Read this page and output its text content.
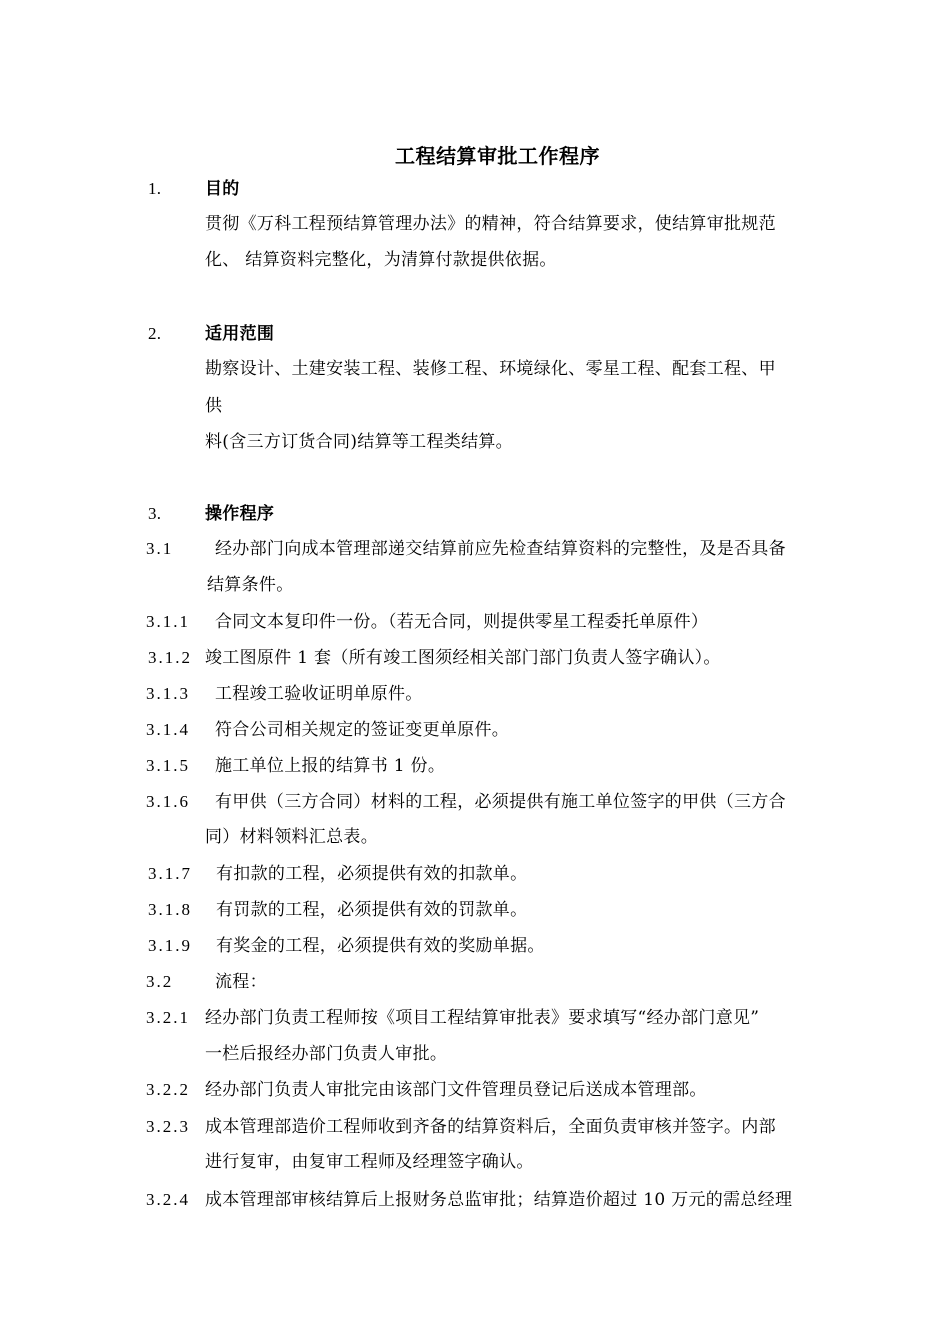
工程结算审批工作程序
1.	目的
贯彻《万科工程预结算管理办法》的精神，符合结算要求，使结算审批规范
化、 结算资料完整化，为清算付款提供依据。
2.	适用范围
勘察设计、土建安装工程、装修工程、环境绿化、零星工程、配套工程、甲
供
料(含三方订货合同)结算等工程类结算。
3.	操作程序
3.1 经办部门向成本管理部递交结算前应先检查结算资料的完整性，及是否具备
结算条件。
3.1.1 合同文本复印件一份。（若无合同，则提供零星工程委托单原件）
3.1.2 竣工图原件 1 套（所有竣工图须经相关部门部门负责人签字确认）。
3.1.3 工程竣工验收证明单原件。
3.1.4 符合公司相关规定的签证变更单原件。
3.1.5 施工单位上报的结算书 1 份。
3.1.6 有甲供（三方合同）材料的工程，必须提供有施工单位签字的甲供（三方合
同）材料领料汇总表。
3.1.7 有扣款的工程，必须提供有效的扣款单。
3.1.8 有罚款的工程，必须提供有效的罚款单。
3.1.9 有奖金的工程，必须提供有效的奖励单据。
3.2 流程：
3.2.1 经办部门负责工程师按《项目工程结算审批表》要求填写“经办部门意见”
一栏后报经办部门负责人审批。
3.2.2 经办部门负责人审批完由该部门文件管理员登记后送成本管理部。
3.2.3 成本管理部造价工程师收到齐备的结算资料后，全面负责审核并签字。内部
进行复审，由复审工程师及经理签字确认。
3.2.4 成本管理部审核结算后上报财务总监审批；结算造价超过 10 万元的需总经理
